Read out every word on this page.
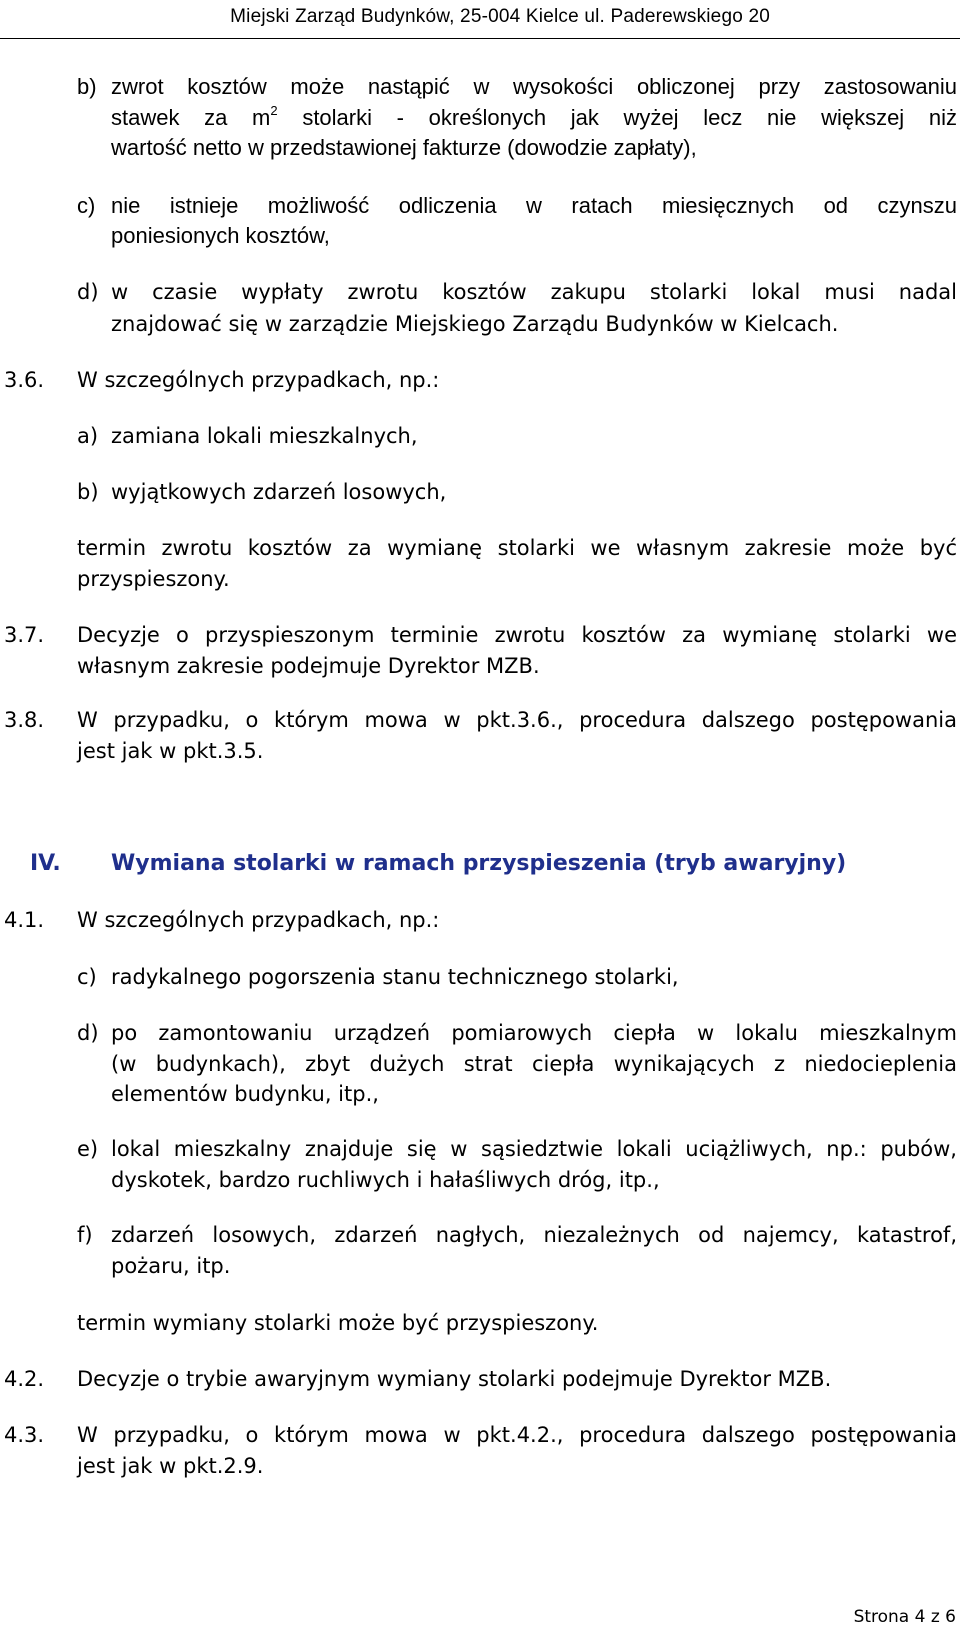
Miejski Zarząd Budynków, 25-004 Kielce ul. Paderewskiego 20
b) zwrot kosztów może nastąpić w wysokości obliczonej przy zastosowaniu
stawek za $m^2$ stolarki - określonych jak wyżej lecz nie większej niż
wartość netto w przedstawionej fakturze (dowodzie zapłaty),
c) nie istnieje możliwość odliczenia w ratach miesięcznych od czynszu
poniesionych kosztów,
d) w czasie wypłaty zwrotu kosztów zakupu stolarki lokal musi nadal
znajdować się w zarządzie Miejskiego Zarządu Budynków w Kielcach.
3.6. W szczególnych przypadkach, np.:
a) zamiana lokali mieszkalnych,
b) wyjątkowych zdarzeń losowych,
termin zwrotu kosztów za wymianę stolarki we własnym zakresie może być
przyspieszony.
3.7. Decyzje o przyspieszonym terminie zwrotu kosztów za wymianę stolarki we
własnym zakresie podejmuje Dyrektor MZB.
3.8. W przypadku, o którym mowa w pkt.3.6., procedura dalszego postępowania
jest jak w pkt.3.5.
IV. Wymiana stolarki w ramach przyspieszenia (tryb awaryjny)
4.1. W szczególnych przypadkach, np.:
c) radykalnego pogorszenia stanu technicznego stolarki,
d) po zamontowaniu urządzeń pomiarowych ciepła w lokalu mieszkalnym
(w budynkach), zbyt dużych strat ciepła wynikających z niedocieplenia
elementów budynku, itp.,
e) lokal mieszkalny znajduje się w sąsiedztwie lokali uciążliwych, np.: pubów,
dyskotek, bardzo ruchliwych i hałaśliwych dróg, itp.,
f) zdarzeń losowych, zdarzeń nagłych, niezależnych od najemcy, katastrof,
pożaru, itp.
termin wymiany stolarki może być przyspieszony.
4.2. Decyzje o trybie awaryjnym wymiany stolarki podejmuje Dyrektor MZB.
4.3. W przypadku, o którym mowa w pkt.4.2., procedura dalszego postępowania
jest jak w pkt.2.9.
Strona 4 z 6
